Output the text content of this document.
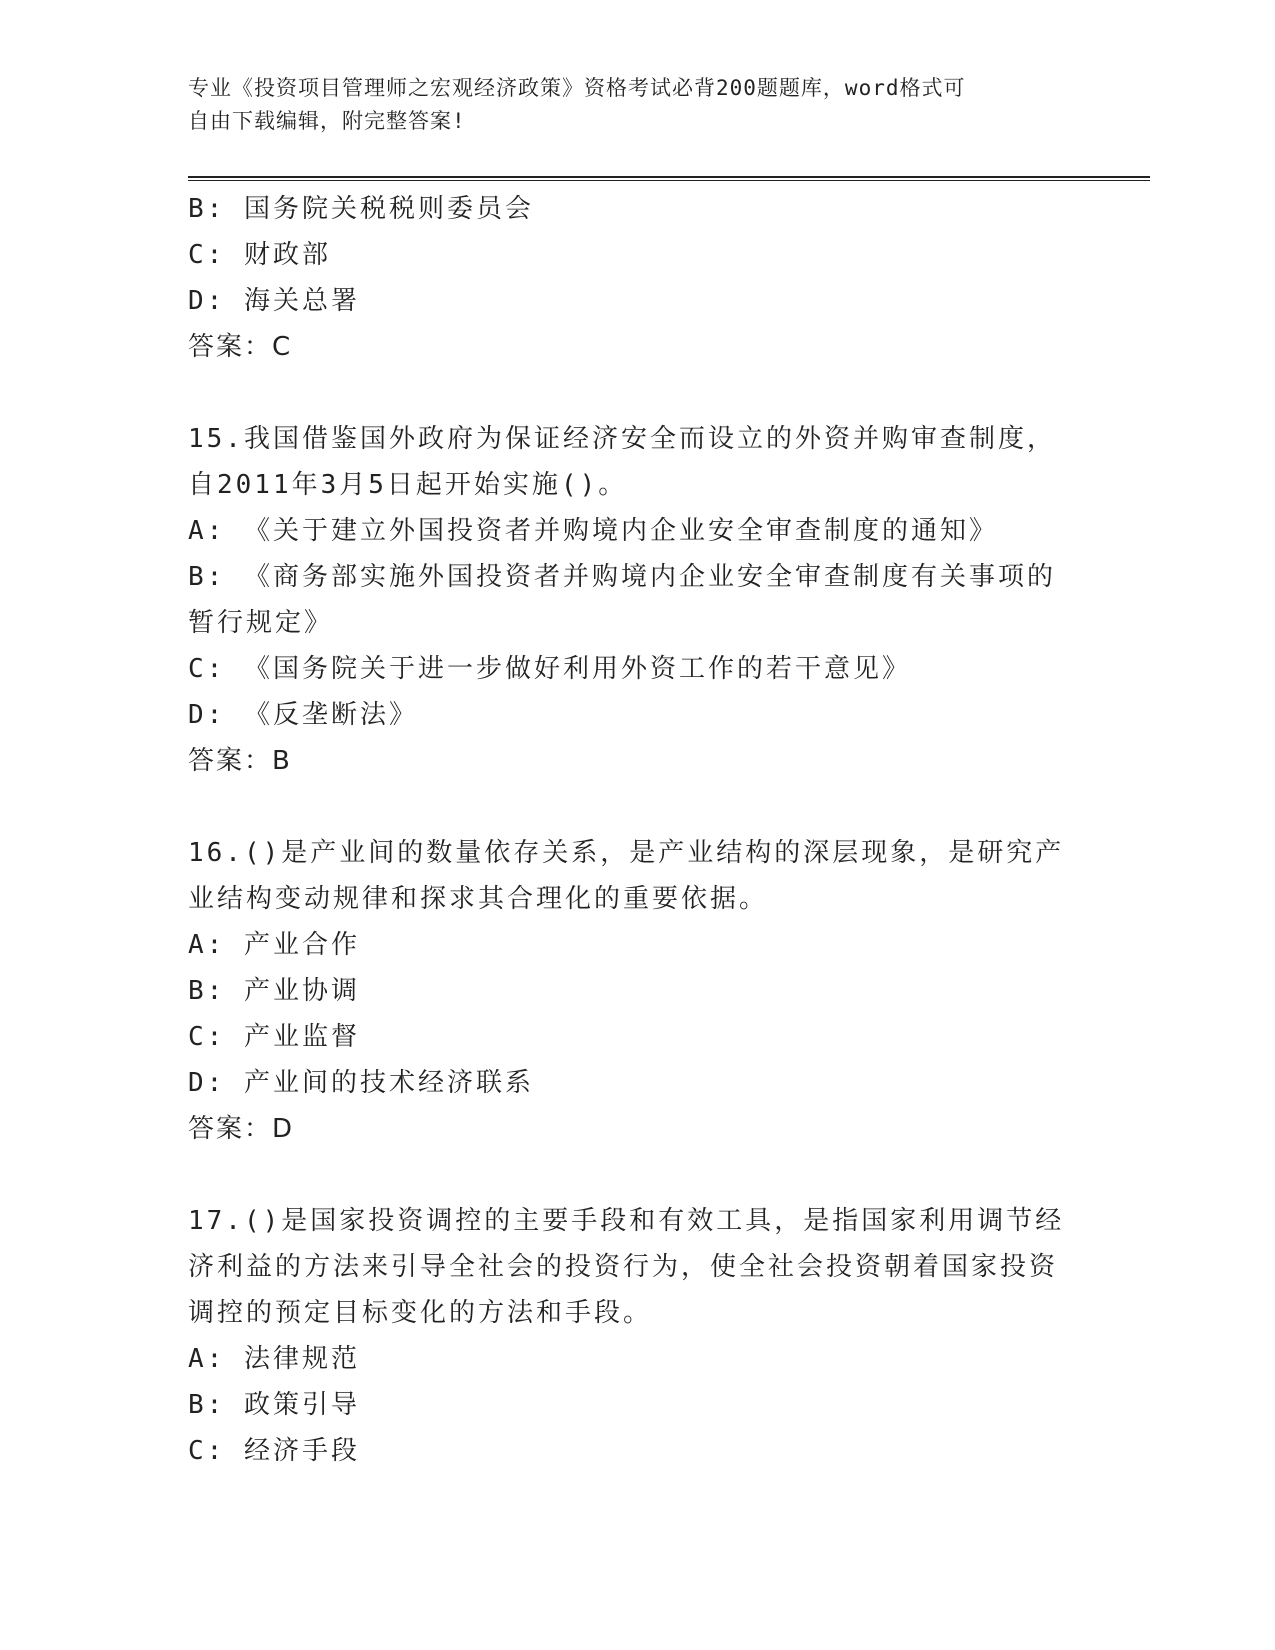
专业《投资项目管理师之宏观经济政策》资格考试必背200题题库，word格式可
自由下载编辑，附完整答案!
B: 国务院关税税则委员会
C: 财政部
D: 海关总署
答案：C
15.我国借鉴国外政府为保证经济安全而设立的外资并购审查制度，自2011年3月5日起开始实施()。
A: 《关于建立外国投资者并购境内企业安全审查制度的通知》
B: 《商务部实施外国投资者并购境内企业安全审查制度有关事项的暂行规定》
C: 《国务院关于进一步做好利用外资工作的若干意见》
D: 《反垄断法》
答案：B
16.()是产业间的数量依存关系，是产业结构的深层现象，是研究产业结构变动规律和探求其合理化的重要依据。
A: 产业合作
B: 产业协调
C: 产业监督
D: 产业间的技术经济联系
答案：D
17.()是国家投资调控的主要手段和有效工具，是指国家利用调节经济利益的方法来引导全社会的投资行为，使全社会投资朝着国家投资调控的预定目标变化的方法和手段。
A: 法律规范
B: 政策引导
C: 经济手段
